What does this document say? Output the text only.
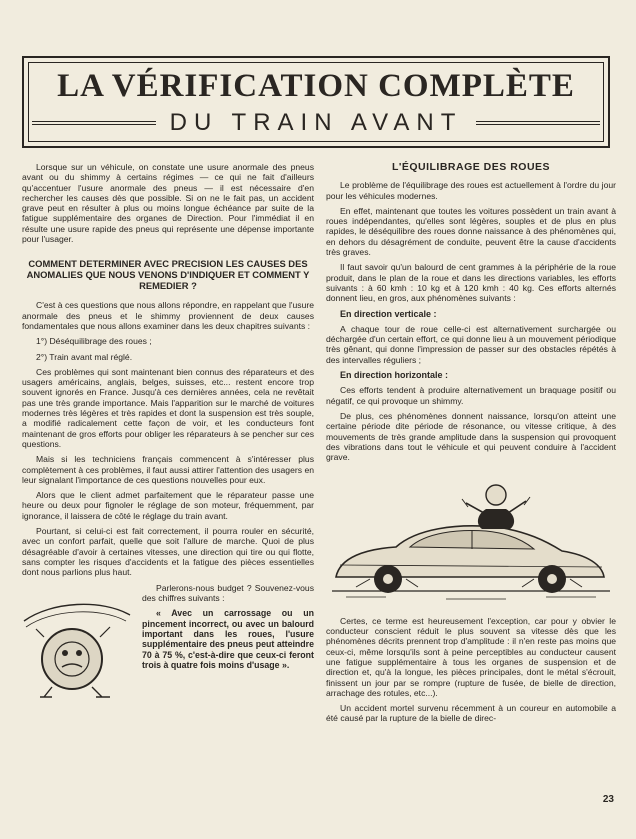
LA VÉRIFICATION COMPLÈTE
DU TRAIN AVANT

Lorsque sur un véhicule, on constate une usure anormale des pneus avant ou du shimmy à certains régimes — ce qui ne fait d'ailleurs qu'accentuer l'usure anormale des pneus — il est nécessaire d'en rechercher les causes dès que possible. Si on ne le fait pas, un accident grave peut en résulter à plus ou moins longue échéance par suite de la fatigue supplémentaire des organes de Direction. Pour l'immédiat il en résulte une usure rapide des pneus qui représente une dépense importante pour l'usager.

COMMENT DETERMINER AVEC PRECISION LES CAUSES DES ANOMALIES QUE NOUS VENONS D'INDIQUER ET COMMENT Y REMEDIER ?

C'est à ces questions que nous allons répondre, en rappelant que l'usure anormale des pneus et le shimmy proviennent de deux causes fondamentales que nous allons examiner dans les deux chapitres suivants :

1°) Déséquilibrage des roues ;

2°) Train avant mal réglé.

Ces problèmes qui sont maintenant bien connus des réparateurs et des usagers américains, anglais, belges, suisses, etc... restent encore trop souvent ignorés en France. Jusqu'à ces dernières années, cela ne revêtait pas une très grande importance. Mais l'apparition sur le marché de voitures modernes très légères et très rapides et dont la suspension est très souple, a modifié radicalement cette façon de voir, et les conducteurs font maintenant de gros efforts pour obliger les réparateurs à se pencher sur ces questions.

Mais si les techniciens français commencent à s'intéresser plus complètement à ces problèmes, il faut aussi attirer l'attention des usagers en leur signalant l'importance de ces questions nouvelles pour eux.

Alors que le client admet parfaitement que le réparateur passe une heure ou deux pour fignoler le réglage de son moteur, fréquemment, par ignorance, il laissera de côté le réglage du train avant.

Pourtant, si celui-ci est fait correctement, il pourra rouler en sécurité, avec un confort parfait, quelle que soit l'allure de marche. Quoi de plus désagréable d'avoir à certaines vitesses, une direction qui tire ou qui flotte, sans compter les risques d'accidents et la fatigue des pièces essentielles dont nous parlions plus haut.

Parlerons-nous budget ? Souvenez-vous des chiffres suivants :

« Avec un carrossage ou un pincement incorrect, ou avec un balourd important dans les roues, l'usure supplémentaire des pneus peut atteindre 70 à 75 %, c'est-à-dire que ceux-ci feront trois à quatre fois moins d'usage ».

L'ÉQUILIBRAGE DES ROUES

Le problème de l'équilibrage des roues est actuellement à l'ordre du jour pour les véhicules modernes.

En effet, maintenant que toutes les voitures possèdent un train avant à roues indépendantes, qu'elles sont légères, souples et de plus en plus rapides, le déséquilibre des roues donne naissance à des phénomènes qui, en dehors du désagrément de conduite, peuvent être la cause d'accidents très graves.

Il faut savoir qu'un balourd de cent grammes à la périphérie de la roue produit, dans le plan de la roue et dans les directions variables, les efforts suivants : à 60 kmh : 10 kg et à 120 kmh : 40 kg. Ces efforts alternés donnent lieu, en gros, aux phénomènes suivants :

En direction verticale :

A chaque tour de roue celle-ci est alternativement surchargée ou déchargée d'un certain effort, ce qui donne lieu à un mouvement périodique très gênant, qui donne l'impression de passer sur des obstacles répétés à des intervalles réguliers ;

En direction horizontale :

Ces efforts tendent à produire alternativement un braquage positif ou négatif, ce qui provoque un shimmy.

De plus, ces phénomènes donnent naissance, lorsqu'on atteint une certaine période dite période de résonance, ou vitesse critique, à des mouvements de très grande amplitude dans la suspension qui provoquent des vibrations dans tout le véhicule et qui peuvent conduire à l'accident grave.

Certes, ce terme est heureusement l'exception, car pour y obvier le conducteur conscient réduit le plus souvent sa vitesse dès que les phénomènes décrits prennent trop d'amplitude : il n'en reste pas moins que ceux-ci, même lorsqu'ils sont à peine perceptibles au conducteur causent une fatigue supplémentaire à tous les organes de suspension et de direction et, qu'à la longue, les pièces principales, dont le métal s'écrouit, finissent un jour par se rompre (rupture de fusée, de bielle de direction, arrachage des rotules, etc...).

Un accident mortel survenu récemment à un coureur en automobile a été causé par la rupture de la bielle de direc-

23
